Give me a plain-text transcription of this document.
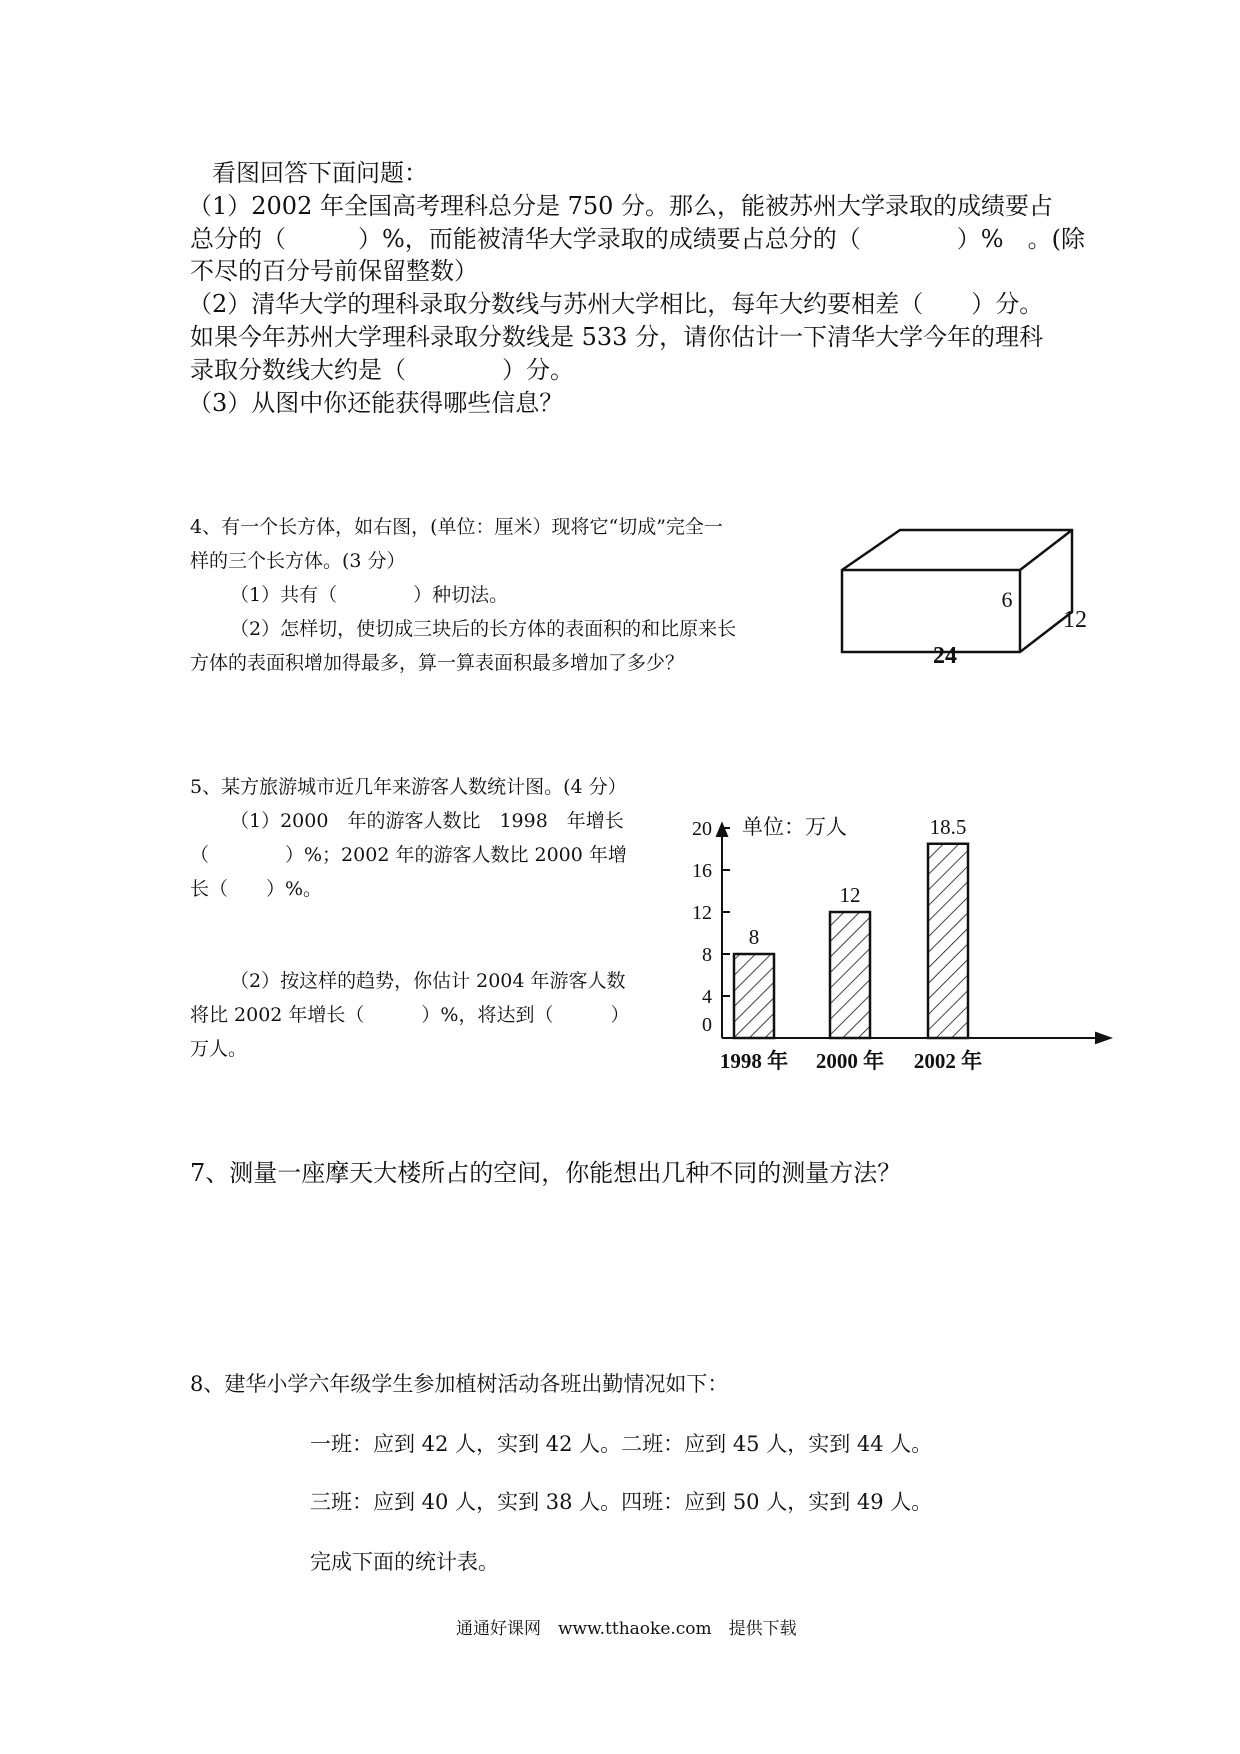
看图回答下面问题：
（1）2002 年全国高考理科总分是 750 分。那么，能被苏州大学录取的成绩要占
总分的（　　　）%，而能被清华大学录取的成绩要占总分的（　　　　）%　。(除
不尽的百分号前保留整数）
（2）清华大学的理科录取分数线与苏州大学相比，每年大约要相差（　　）分。
如果今年苏州大学理科录取分数线是 533 分，请你估计一下清华大学今年的理科
录取分数线大约是（　　　　）分。
（3）从图中你还能获得哪些信息？
4、有一个长方体，如右图，(单位：厘米）现将它“切成”完全一
样的三个长方体。(3 分）
（1）共有（　　　　）种切法。
（2）怎样切，使切成三块后的长方体的表面积的和比原来长
方体的表面积增加得最多，算一算表面积最多增加了多少？
6
12
24
5、某方旅游城市近几年来游客人数统计图。(4 分）
（1）2000　年的游客人数比　1998　年增长
（　　　　）%；2002 年的游客人数比 2000 年增
长（　　）%。
（2）按这样的趋势，你估计 2004 年游客人数
将比 2002 年增长（　　　）%，将达到（　　　）
万人。
0
4
8
12
16
20
8
12
18.5
1998 年 2000 年 2002 年
单位：万人
7、测量一座摩天大楼所占的空间，你能想出几种不同的测量方法？
8、建华小学六年级学生参加植树活动各班出勤情况如下：
一班：应到 42 人，实到 42 人。二班：应到 45 人，实到 44 人。
三班：应到 40 人，实到 38 人。四班：应到 50 人，实到 49 人。
完成下面的统计表。
通通好课网　www.tthaoke.com　提供下载
